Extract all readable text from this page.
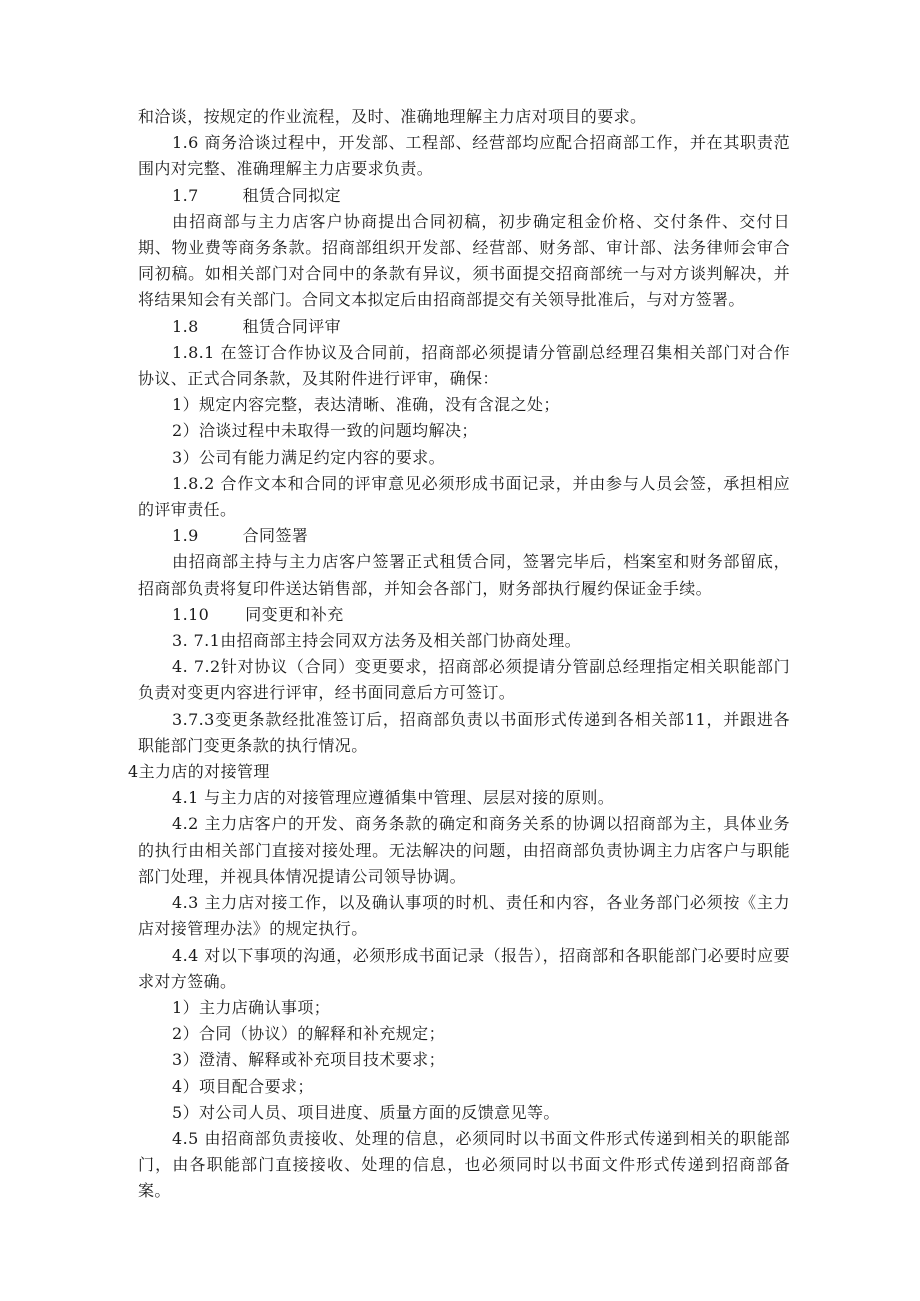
和洽谈，按规定的作业流程，及时、准确地理解主力店对项目的要求。

1.6 商务洽谈过程中，开发部、工程部、经营部均应配合招商部工作，并在其职责范围内对完整、准确理解主力店要求负责。

1.7	租赁合同拟定

由招商部与主力店客户协商提出合同初稿，初步确定租金价格、交付条件、交付日期、物业费等商务条款。招商部组织开发部、经营部、财务部、审计部、法务律师会审合同初稿。如相关部门对合同中的条款有异议，须书面提交招商部统一与对方谈判解决，并将结果知会有关部门。合同文本拟定后由招商部提交有关领导批准后，与对方签署。

1.8	租赁合同评审

1.8.1 在签订合作协议及合同前，招商部必须提请分管副总经理召集相关部门对合作协议、正式合同条款，及其附件进行评审，确保：

1）规定内容完整，表达清晰、准确，没有含混之处；

2）洽谈过程中未取得一致的问题均解决；

3）公司有能力满足约定内容的要求。

1.8.2 合作文本和合同的评审意见必须形成书面记录，并由参与人员会签，承担相应的评审责任。

1.9	合同签署

由招商部主持与主力店客户签署正式租赁合同，签署完毕后，档案室和财务部留底，招商部负责将复印件送达销售部，并知会各部门，财务部执行履约保证金手续。

1.10 同变更和补充

3. 7.1由招商部主持会同双方法务及相关部门协商处理。

4. 7.2针对协议（合同）变更要求，招商部必须提请分管副总经理指定相关职能部门负责对变更内容进行评审，经书面同意后方可签订。

3.7.3变更条款经批准签订后，招商部负责以书面形式传递到各相关部11，并跟进各职能部门变更条款的执行情况。

4主力店的对接管理

4.1 与主力店的对接管理应遵循集中管理、层层对接的原则。

4.2 主力店客户的开发、商务条款的确定和商务关系的协调以招商部为主，具体业务的执行由相关部门直接对接处理。无法解决的问题，由招商部负责协调主力店客户与职能部门处理，并视具体情况提请公司领导协调。

4.3 主力店对接工作，以及确认事项的时机、责任和内容，各业务部门必须按《主力店对接管理办法》的规定执行。

4.4 对以下事项的沟通，必须形成书面记录（报告），招商部和各职能部门必要时应要求对方签确。

1）主力店确认事项；

2）合同（协议）的解释和补充规定；

3）澄清、解释或补充项目技术要求；

4）项目配合要求；

5）对公司人员、项目进度、质量方面的反馈意见等。

4.5 由招商部负责接收、处理的信息，必须同时以书面文件形式传递到相关的职能部门，由各职能部门直接接收、处理的信息，也必须同时以书面文件形式传递到招商部备案。
